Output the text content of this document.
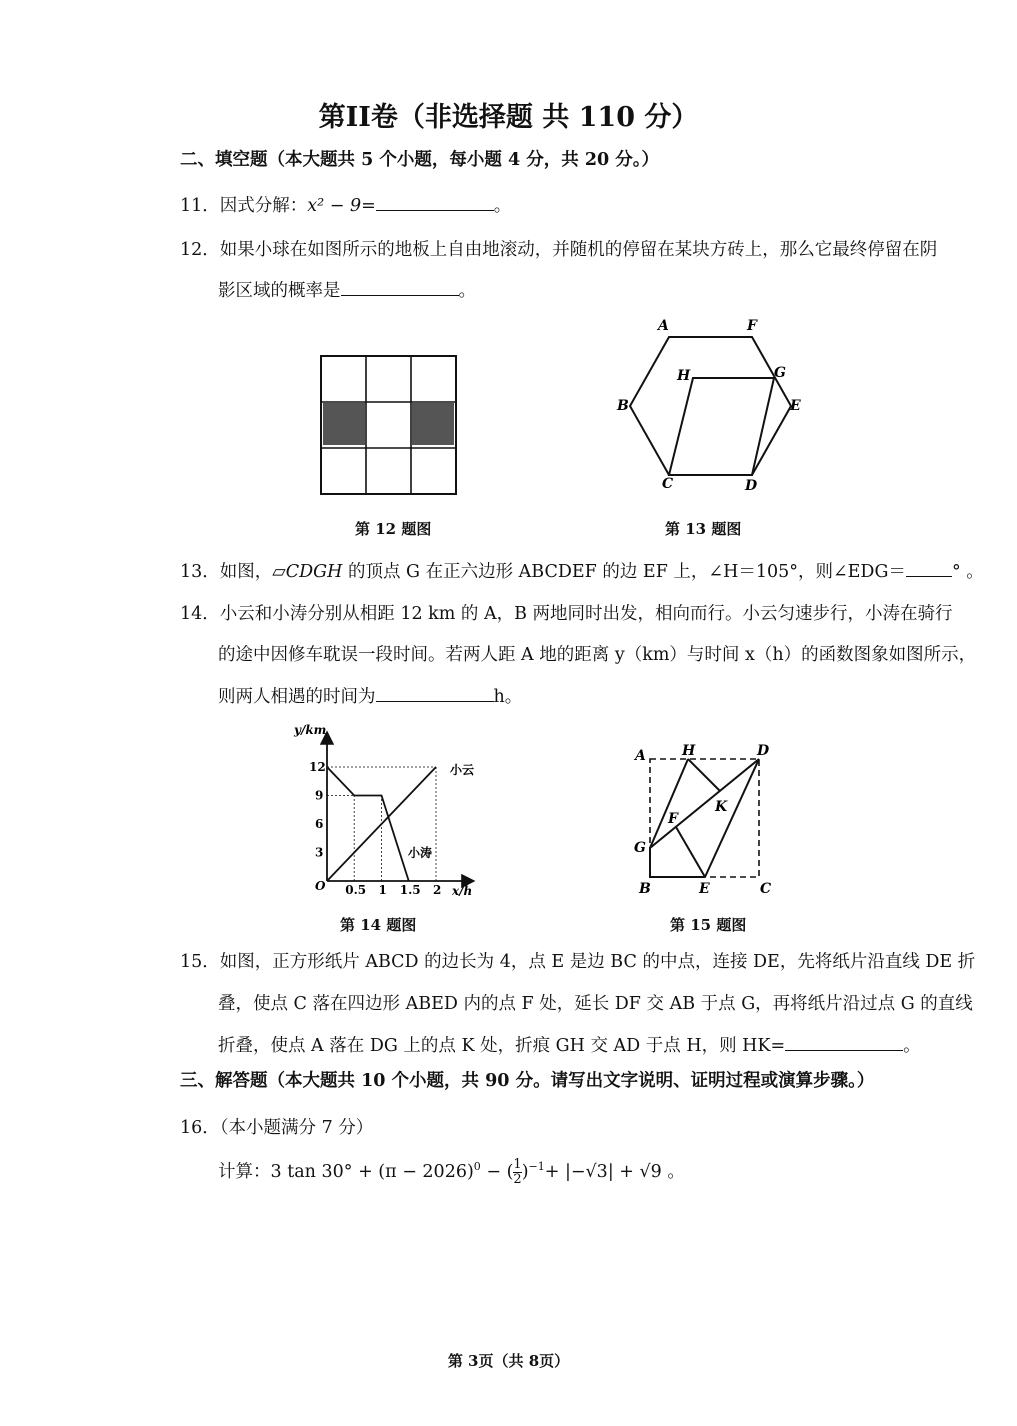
第II卷（非选择题 共 110 分）
二、填空题（本大题共 5 个小题，每小题 4 分，共 20 分。）
11．因式分解：x² − 9=	。
12．如果小球在如图所示的地板上自由地滚动，并随机的停留在某块方砖上，那么它最终停留在阴
影区域的概率是	。
第 12 题图
A	F
H	G
B	E
C	D
第 13 题图
13．如图，▱CDGH 的顶点 G 在正六边形 ABCDEF 的边 EF 上，∠H＝105°，则∠EDG＝	° 。
14．小云和小涛分别从相距 12 km 的 A，B 两地同时出发，相向而行。小云匀速步行，小涛在骑行
的途中因修车耽误一段时间。若两人距 A 地的距离 y（km）与时间 x（h）的函数图象如图所示，
则两人相遇的时间为	h。
0.5 1 1.5 2
3
6
9
12
y/km
x/h
O
小云
小涛
第 14 题图
A	H	D
K
F
G
B	E	C
第 15 题图
15．如图，正方形纸片 ABCD 的边长为 4，点 E 是边 BC 的中点，连接 DE，先将纸片沿直线 DE 折
叠，使点 C 落在四边形 ABED 内的点 F 处，延长 DF 交 AB 于点 G，再将纸片沿过点 G 的直线
折叠，使点 A 落在 DG 上的点 K 处，折痕 GH 交 AD 于点 H，则 HK=	。
三、解答题（本大题共 10 个小题，共 90 分。请写出文字说明、证明过程或演算步骤。）
16．（本小题满分 7 分）
计算：3 $\tan 30^\circ + (\pi - 2026)^0$ − ( $\frac{1}{2} )^{-1}+ |-√3| + √9$ 。
第 3页（共 8页）
